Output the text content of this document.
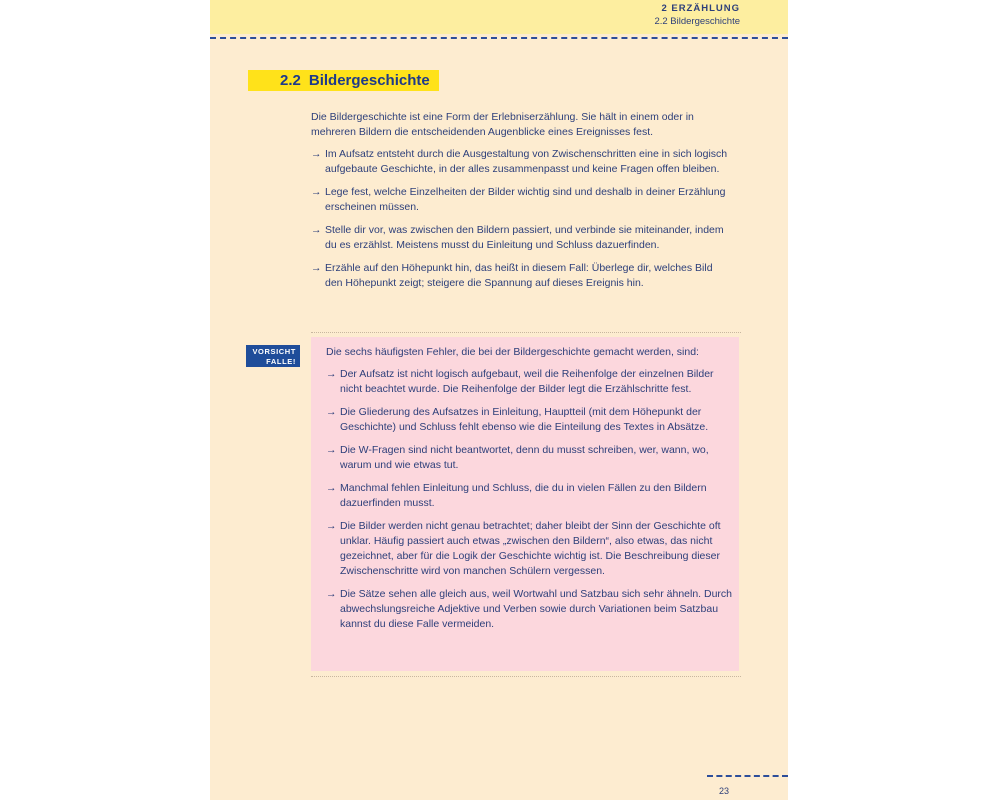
2 ERZÄHLUNG
2.2 Bildergeschichte
2.2 Bildergeschichte

Die Bildergeschichte ist eine Form der Erlebniserzählung. Sie hält in einem oder in mehreren Bildern die entscheidenden Augenblicke eines Ereignisses fest.

→ Im Aufsatz entsteht durch die Ausgestaltung von Zwischenschritten eine in sich logisch aufgebaute Geschichte, in der alles zusammenpasst und keine Fragen offen bleiben.
→ Lege fest, welche Einzelheiten der Bilder wichtig sind und deshalb in deiner Erzählung erscheinen müssen.
→ Stelle dir vor, was zwischen den Bildern passiert, und verbinde sie miteinander, indem du es erzählst. Meistens musst du Einleitung und Schluss dazuerfinden.
→ Erzähle auf den Höhepunkt hin, das heißt in diesem Fall: Überlege dir, welches Bild den Höhepunkt zeigt; steigere die Spannung auf dieses Ereignis hin.
VORSICHT
FALLE!

Die sechs häufigsten Fehler, die bei der Bildergeschichte gemacht werden, sind:

→ Der Aufsatz ist nicht logisch aufgebaut, weil die Reihenfolge der einzelnen Bilder nicht beachtet wurde. Die Reihenfolge der Bilder legt die Erzählschritte fest.
→ Die Gliederung des Aufsatzes in Einleitung, Hauptteil (mit dem Höhepunkt der Geschichte) und Schluss fehlt ebenso wie die Einteilung des Textes in Absätze.
→ Die W-Fragen sind nicht beantwortet, denn du musst schreiben, wer, wann, wo, warum und wie etwas tut.
→ Manchmal fehlen Einleitung und Schluss, die du in vielen Fällen zu den Bildern dazuerfinden musst.
→ Die Bilder werden nicht genau betrachtet; daher bleibt der Sinn der Geschichte oft unklar. Häufig passiert auch etwas „zwischen den Bildern“, also etwas, das nicht gezeichnet, aber für die Logik der Geschichte wichtig ist. Die Beschreibung dieser Zwischenschritte wird von manchen Schülern vergessen.
→ Die Sätze sehen alle gleich aus, weil Wortwahl und Satzbau sich sehr ähneln. Durch abwechslungsreiche Adjektive und Verben sowie durch Variationen beim Satzbau kannst du diese Falle vermeiden.
23
